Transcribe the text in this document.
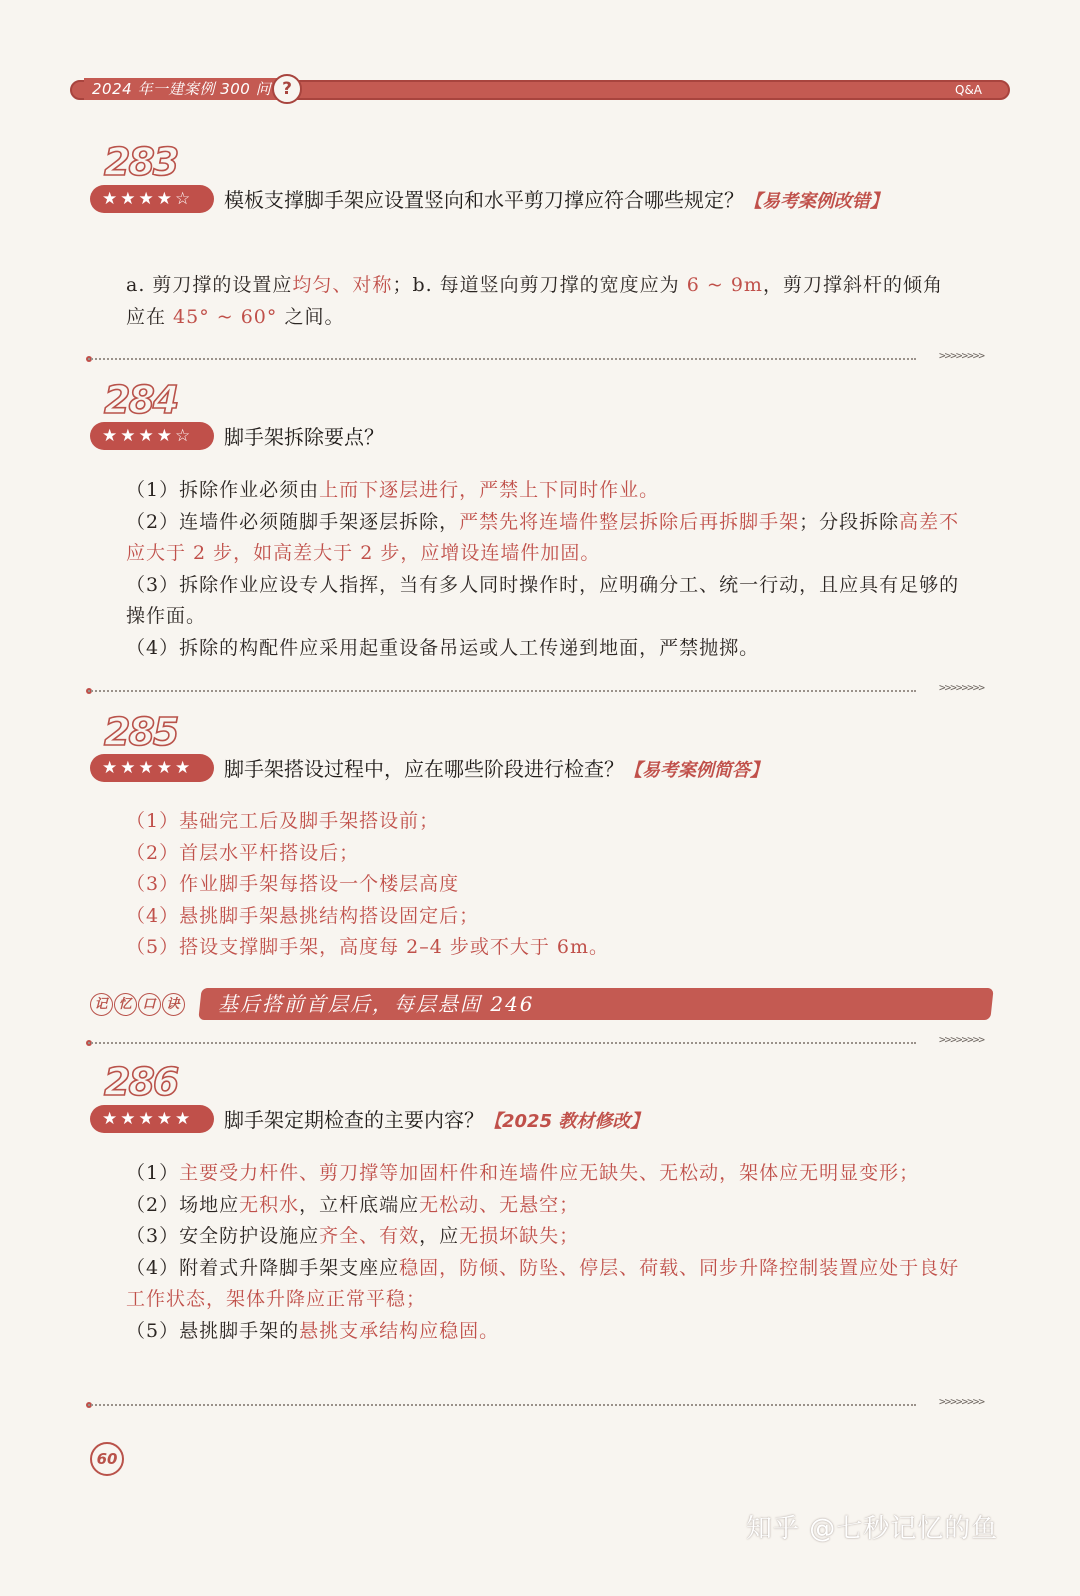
2024 年一建案例 300 问 ?	Q&A
283
★★★★☆	模板支撑脚手架应设置竖向和水平剪刀撑应符合哪些规定？【易考案例改错】
a. 剪刀撑的设置应均匀、对称；b. 每道竖向剪刀撑的宽度应为 6 ~ 9m，剪刀撑斜杆的倾角应在 45° ~ 60° 之间。
>>>>>>>>
284
★★★★☆	脚手架拆除要点？
（1）拆除作业必须由上而下逐层进行，严禁上下同时作业。
（2）连墙件必须随脚手架逐层拆除，严禁先将连墙件整层拆除后再拆脚手架；分段拆除高差不应大于 2 步，如高差大于 2 步，应增设连墙件加固。
（3）拆除作业应设专人指挥，当有多人同时操作时，应明确分工、统一行动，且应具有足够的操作面。
（4）拆除的构配件应采用起重设备吊运或人工传递到地面，严禁抛掷。
>>>>>>>>
285
★★★★★	脚手架搭设过程中，应在哪些阶段进行检查？【易考案例简答】
（1）基础完工后及脚手架搭设前；
（2）首层水平杆搭设后；
（3）作业脚手架每搭设一个楼层高度
（4）悬挑脚手架悬挑结构搭设固定后；
（5）搭设支撑脚手架，高度每 2–4 步或不大于 6m。
记 忆 口 诀 基后搭前首层后，每层悬固 246
>>>>>>>>
286
★★★★★	脚手架定期检查的主要内容？【2025 教材修改】
（1）主要受力杆件、剪刀撑等加固杆件和连墙件应无缺失、无松动，架体应无明显变形；
（2）场地应无积水，立杆底端应无松动、无悬空；
（3）安全防护设施应齐全、有效，应无损坏缺失；
（4）附着式升降脚手架支座应稳固，防倾、防坠、停层、荷载、同步升降控制装置应处于良好工作状态，架体升降应正常平稳；
（5）悬挑脚手架的悬挑支承结构应稳固。
>>>>>>>>
60
知乎 @七秒记忆的鱼
